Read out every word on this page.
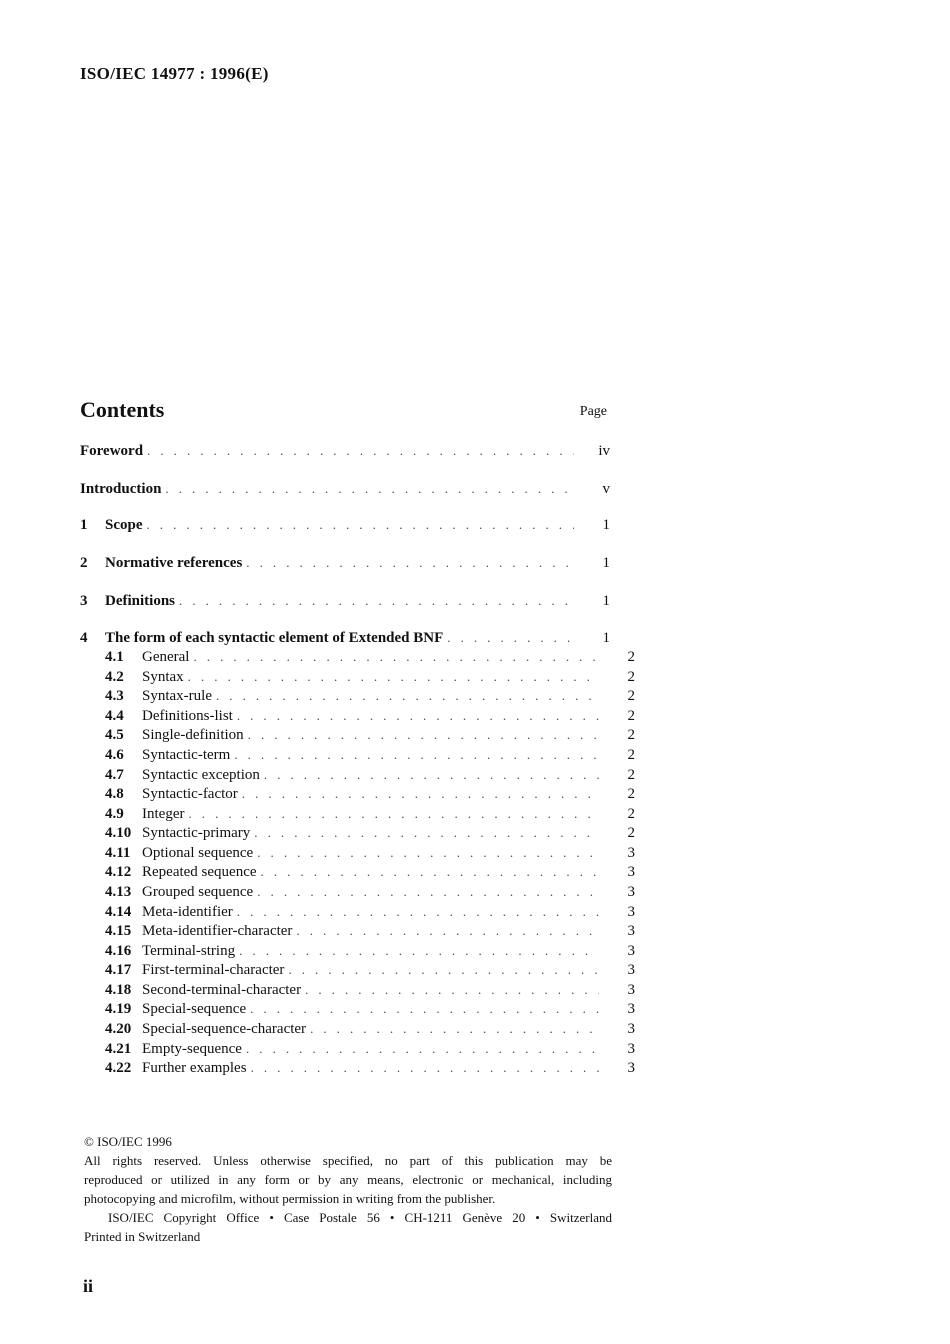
ISO/IEC 14977 : 1996(E)
Contents	Page
Foreword . . .	iv
Introduction . . .	v
1	Scope . . .	1
2	Normative references . . .	1
3	Definitions . . .	1
4	The form of each syntactic element of Extended BNF . . .	1
4.1	General . . .	2
4.2	Syntax . . .	2
4.3	Syntax-rule . . .	2
4.4	Definitions-list . . .	2
4.5	Single-definition . . .	2
4.6	Syntactic-term . . .	2
4.7	Syntactic exception . . .	2
4.8	Syntactic-factor . . .	2
4.9	Integer . . .	2
4.10 Syntactic-primary . . .	2
4.11 Optional sequence . . .	3
4.12 Repeated sequence . . .	3
4.13 Grouped sequence . . .	3
4.14 Meta-identifier . . .	3
4.15 Meta-identifier-character . . .	3
4.16 Terminal-string . . .	3
4.17 First-terminal-character . . .	3
4.18 Second-terminal-character . . .	3
4.19 Special-sequence . . .	3
4.20 Special-sequence-character . . .	3
4.21 Empty-sequence . . .	3
4.22 Further examples . . .	3

© ISO/IEC 1996

All rights reserved. Unless otherwise specified, no part of this publication may be

reproduced or utilized in any form or by any means, electronic or mechanical, including

photocopying and microfilm, without permission in writing from the publisher.

ISO/IEC Copyright Office • Case Postale 56 • CH-1211 Genève 20 • Switzerland

Printed in Switzerland

ii
